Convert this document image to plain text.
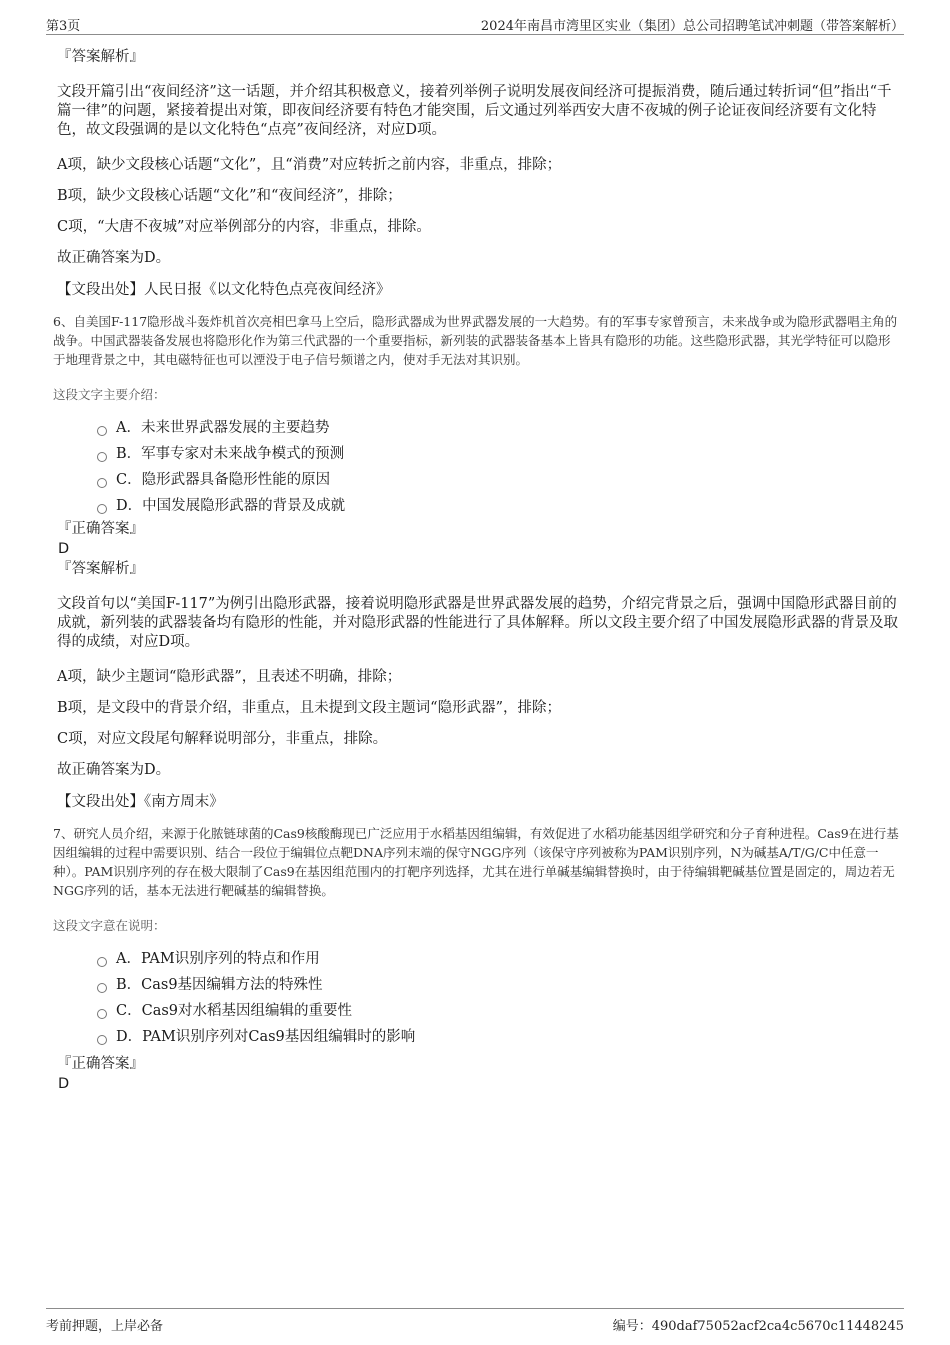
第3页	2024年南昌市湾里区实业（集团）总公司招聘笔试冲刺题（带答案解析）

『答案解析』

文段开篇引出“夜间经济”这一话题，并介绍其积极意义，接着列举例子说明发展夜间经济可提振消费，随后通过转折词“但”指出“千篇一律”的问题，紧接着提出对策，即夜间经济要有特色才能突围，后文通过列举西安大唐不夜城的例子论证夜间经济要有文化特色，故文段强调的是以文化特色“点亮”夜间经济，对应D项。

A项，缺少文段核心话题“文化”，且“消费”对应转折之前内容，非重点，排除；

B项，缺少文段核心话题“文化”和“夜间经济”，排除；

C项，“大唐不夜城”对应举例部分的内容，非重点，排除。

故正确答案为D。

【文段出处】人民日报《以文化特色点亮夜间经济》

6、自美国F-117隐形战斗轰炸机首次亮相巴拿马上空后，隐形武器成为世界武器发展的一大趋势。有的军事专家曾预言，未来战争或为隐形武器唱主角的战争。中国武器装备发展也将隐形化作为第三代武器的一个重要指标，新列装的武器装备基本上皆具有隐形的功能。这些隐形武器，其光学特征可以隐形于地理背景之中，其电磁特征也可以湮没于电子信号频谱之内，使对手无法对其识别。

这段文字主要介绍：

A．未来世界武器发展的主要趋势
B．军事专家对未来战争模式的预测
C．隐形武器具备隐形性能的原因
D．中国发展隐形武器的背景及成就

『正确答案』

D

『答案解析』

文段首句以“美国F-117”为例引出隐形武器，接着说明隐形武器是世界武器发展的趋势，介绍完背景之后，强调中国隐形武器目前的成就，新列装的武器装备均有隐形的性能，并对隐形武器的性能进行了具体解释。所以文段主要介绍了中国发展隐形武器的背景及取得的成绩，对应D项。

A项，缺少主题词“隐形武器”，且表述不明确，排除；

B项，是文段中的背景介绍，非重点，且未提到文段主题词“隐形武器”，排除；

C项，对应文段尾句解释说明部分，非重点，排除。

故正确答案为D。

【文段出处】《南方周末》

7、研究人员介绍，来源于化脓链球菌的Cas9核酸酶现已广泛应用于水稻基因组编辑，有效促进了水稻功能基因组学研究和分子育种进程。Cas9在进行基因组编辑的过程中需要识别、结合一段位于编辑位点靶DNA序列末端的保守NGG序列（该保守序列被称为PAM识别序列，N为碱基A/T/G/C中任意一种）。PAM识别序列的存在极大限制了Cas9在基因组范围内的打靶序列选择，尤其在进行单碱基编辑替换时，由于待编辑靶碱基位置是固定的，周边若无NGG序列的话，基本无法进行靶碱基的编辑替换。

这段文字意在说明：

A．PAM识别序列的特点和作用
B．Cas9基因编辑方法的特殊性
C．Cas9对水稻基因组编辑的重要性
D．PAM识别序列对Cas9基因组编辑时的影响

『正确答案』

D

考前押题，上岸必备	编号：490daf75052acf2ca4c5670c11448245
